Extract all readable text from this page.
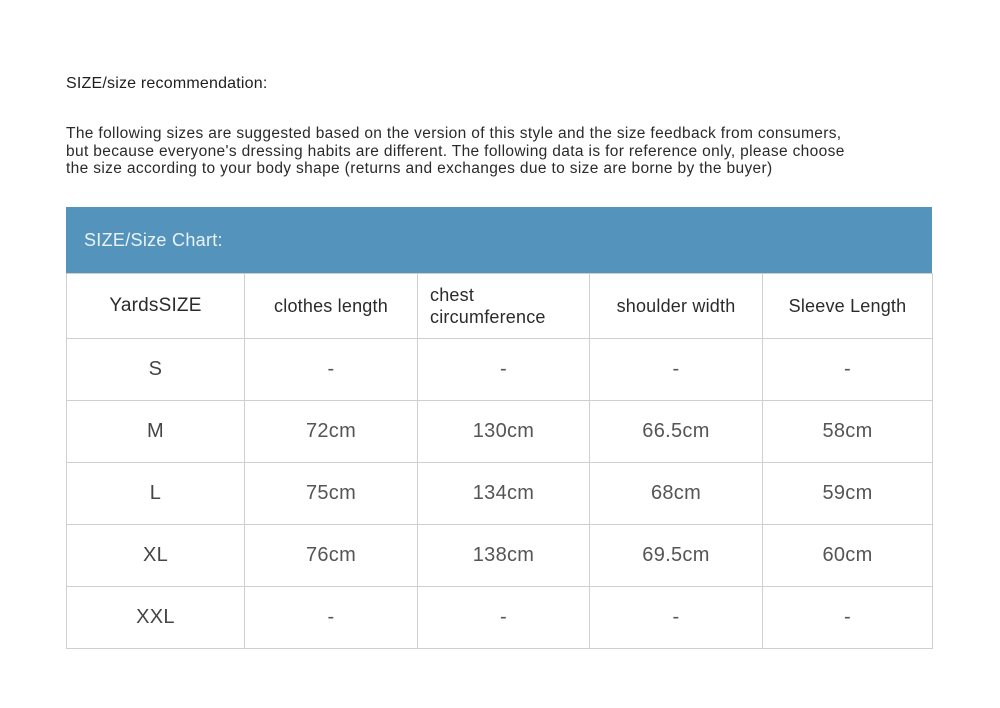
SIZE/size recommendation:
The following sizes are suggested based on the version of this style and the size feedback from consumers,
but because everyone's dressing habits are different. The following data is for reference only, please choose
the size according to your body shape (returns and exchanges due to size are borne by the buyer)
SIZE/Size Chart:
YardsSIZE	clothes length	chest circumference	shoulder width	Sleeve Length
S	-	-	-	-
M	72cm	130cm	66.5cm	58cm
L	75cm	134cm	68cm	59cm
XL	76cm	138cm	69.5cm	60cm
XXL	-	-	-	-
